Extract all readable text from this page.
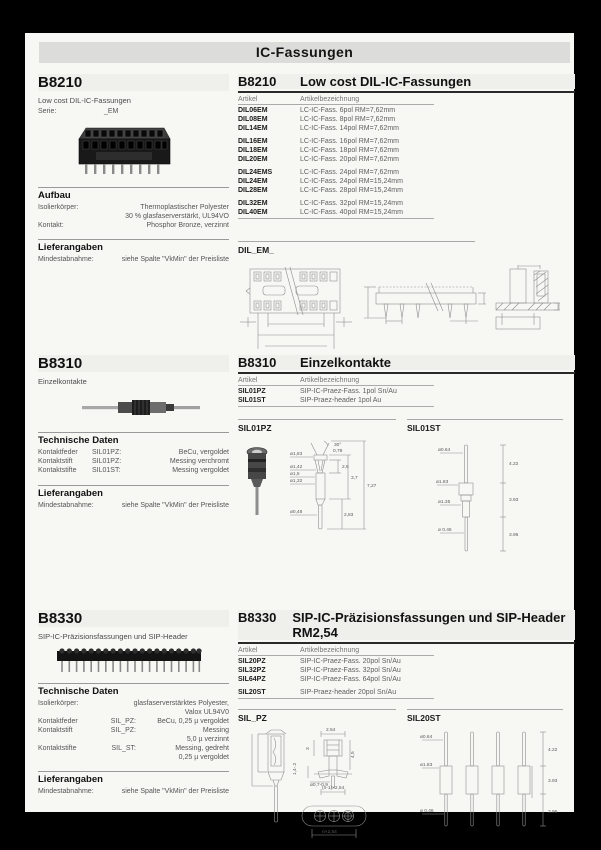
IC-Fassungen
B8210
Low cost DIL-IC-Fassungen
Serie:	_EM
Aufbau
Isolierkörper:	Thermoplastischer Polyester
30 % glasfaserverstärkt, UL94VO
Kontakt:	Phosphor Bronze, verzinnt
Lieferangaben
Mindestabnahme:	siehe Spalte "VkMin" der Preisliste
B8210	Low cost DIL-IC-Fassungen
Artikel	Artikelbezeichnung
DIL06EM	LC-IC-Fass. 6pol RM=7,62mm
DIL08EM	LC-IC-Fass. 8pol RM=7,62mm
DIL14EM	LC-IC-Fass. 14pol RM=7,62mm
DIL16EM	LC-IC-Fass. 16pol RM=7,62mm
DIL18EM	LC-IC-Fass. 18pol RM=7,62mm
DIL20EM	LC-IC-Fass. 20pol RM=7,62mm
DIL24EMS	LC-IC-Fass. 24pol RM=7,62mm
DIL24EM	LC-IC-Fass. 24pol RM=15,24mm
DIL28EM	LC-IC-Fass. 28pol RM=15,24mm
DIL32EM	LC-IC-Fass. 32pol RM=15,24mm
DIL40EM	LC-IC-Fass. 40pol RM=15,24mm
DIL_EM_
B8310
Einzelkontakte
Technische Daten
Kontaktfeder	SIL01PZ:	BeCu, vergoldet
Kontaktstift	SIL01PZ:	Messing verchromt
Kontaktstifte	SIL01ST:	Messing vergoldet
Lieferangaben
Mindestabnahme:	siehe Spalte "VkMin" der Preisliste
B8310	Einzelkontakte
Artikel	Artikelbezeichnung
SIL01PZ	SIP-IC-Praez-Fass. 1pol Sn/Au
SIL01ST	SIP-Praez-header 1pol Au
SIL01PZ	SIL01ST
30°
0,78
ø1,83
ø1,42
ø1,5
ø1,32
ø0,48
2,5
3,7
7,27
2,83
ø0.64
ø1.83
ø1.35
ø 0.46
4.22
3.93
3.96
B8330
SIP-IC-Präzisionsfassungen und SIP-Header
Technische Daten
Isolierkörper:	glasfaserverstärktes Polyester,
Valox UL94V0
Kontaktfeder	SIL_PZ:	BeCu, 0,25 µ vergoldet
Kontaktstift	SIL_PZ:	Messing
5,0 µ verzinnt
Kontaktstifte	SIL_ST:	Messing, gedreht
0,25 µ vergoldet
Lieferangaben
Mindestabnahme:	siehe Spalte "VkMin" der Preisliste
B8330	SIP-IC-Präzisionsfassungen und SIP-Header RM2,54
Artikel	Artikelbezeichnung
SIL20PZ	SIP-IC-Praez-Fass. 20pol Sn/Au
SIL32PZ	SIP-IC-Praez-Fass. 32pol Sn/Au
SIL64PZ	SIP-IC-Praez-Fass. 64pol Sn/Au
SIL20ST	SIP-Praez-header 20pol Sn/Au
SIL_PZ	SIL20ST
2.54
3
4,5
1,4-.2
ø0,7-0,9
(n-1)×2,54
n×2,54
ø0.64
ø1.83
ø 0.46
4.22
3.93
3.96
